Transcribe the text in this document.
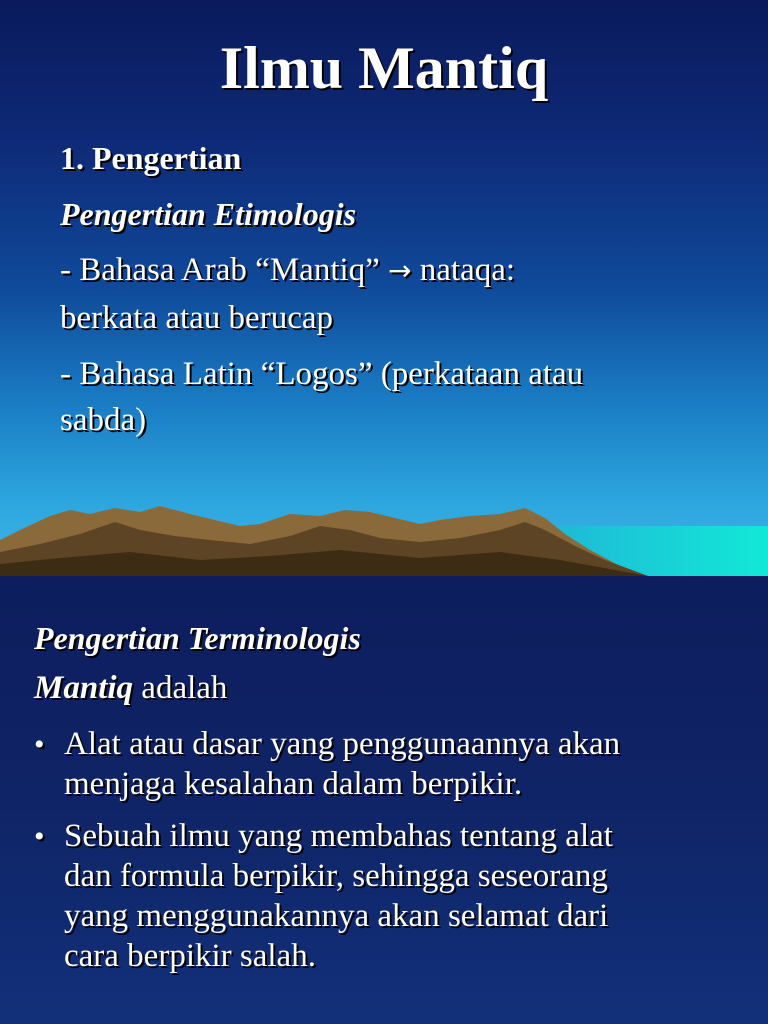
Ilmu Mantiq
1. Pengertian
Pengertian Etimologis
- Bahasa Arab “Mantiq” → nataqa:
berkata atau berucap
- Bahasa Latin “Logos” (perkataan atau
sabda)
Pengertian Terminologis
Mantiq adalah
• Alat atau dasar yang penggunaannya akan
menjaga kesalahan dalam berpikir.
• Sebuah ilmu yang membahas tentang alat
dan formula berpikir, sehingga seseorang
yang menggunakannya akan selamat dari
cara berpikir salah.
